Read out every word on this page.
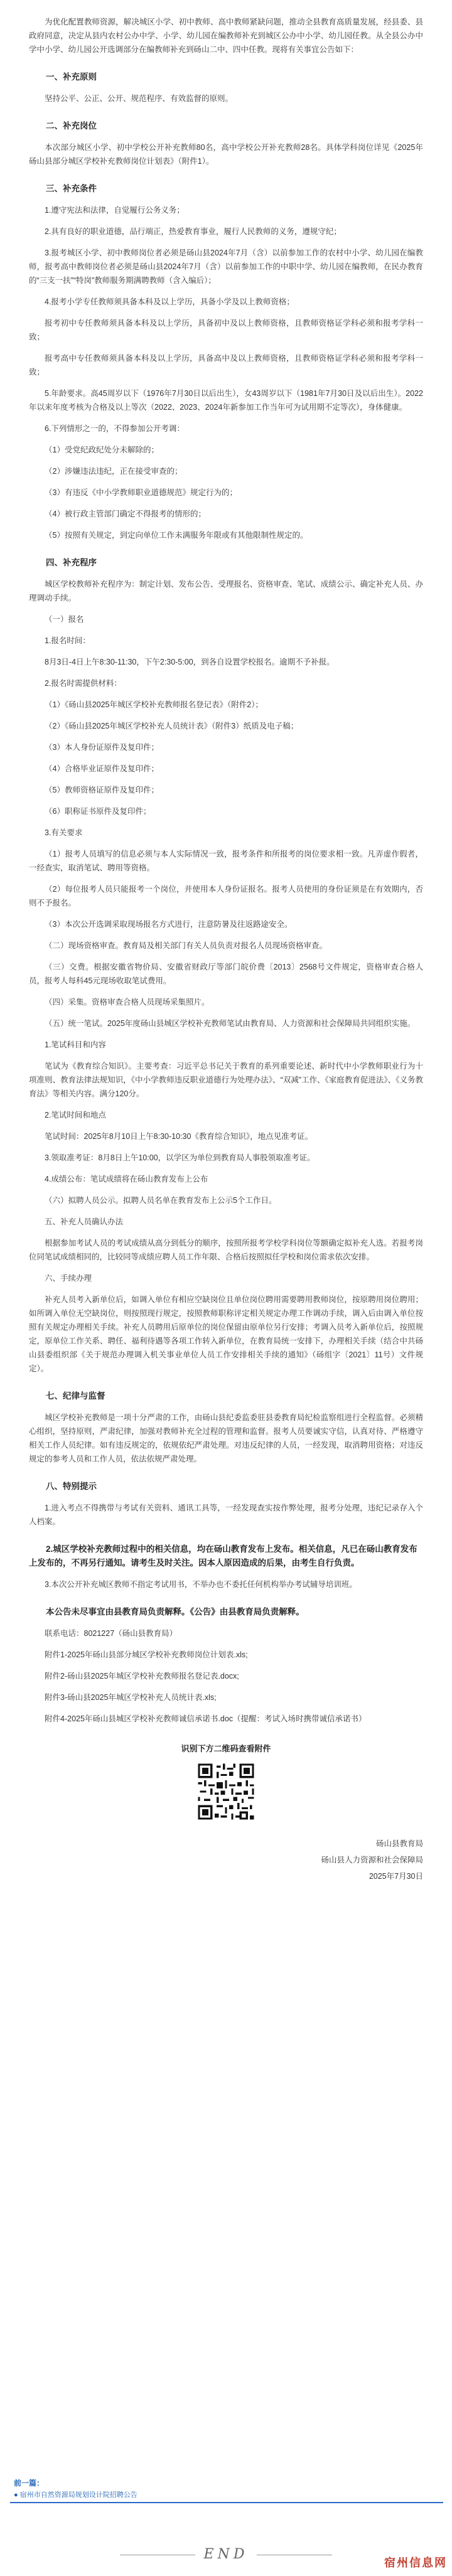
为优化配置教师资源，解决城区小学、初中教师、高中教师紧缺问题，推动全县教育高质量发展，经县委、县政府同意，决定从县内农村公办中学、小学、幼儿园在编教师补充到城区公办中小学、幼儿园任教。从全县公办中学中小学、幼儿园公开选调部分在编教师补充到砀山二中、四中任教。现将有关事宜公告如下：

一、补充原则

坚持公平、公正、公开、规范程序、有效监督的原则。

二、补充岗位

本次部分城区小学、初中学校公开补充教师80名，高中学校公开补充教师28名。具体学科岗位详见《2025年砀山县部分城区学校补充教师岗位计划表》（附件1）。

三、补充条件

1.遵守宪法和法律，自觉履行公务义务；

2.具有良好的职业道德，品行端正，热爱教育事业，履行人民教师的义务，遵规守纪；

3.报考城区小学、初中教师岗位者必须是砀山县2024年7月（含）以前参加工作的农村中小学、幼儿园在编教师，报考高中教师岗位者必须是砀山县2024年7月（含）以前参加工作的中职中学、幼儿园在编教师，在民办教育的“三支一扶”“特岗”教师服务期满聘教师（含入编后）；

4.报考小学专任教师须具备本科及以上学历，具备小学及以上教师资格；

报考初中专任教师须具备本科及以上学历，具备初中及以上教师资格，且教师资格证学科必须和报考学科一致；

报考高中专任教师须具备本科及以上学历，具备高中及以上教师资格，且教师资格证学科必须和报考学科一致；

5.年龄要求。高45周岁以下（1976年7月30日以后出生），女43周岁以下（1981年7月30日及以后出生）。2022年以来年度考核为合格及以上等次（2022、2023、2024年新参加工作当年可为试用期不定等次），身体健康。

6.下列情形之一的，不得参加公开考调：

（1）受党纪政纪处分未解除的；

（2）涉嫌违法违纪，正在接受审查的；

（3）有违反《中小学教师职业道德规范》规定行为的；

（4）被行政主管部门确定不得报考的情形的；

（5）按照有关规定，到定向单位工作未满服务年限或有其他限制性规定的。

四、补充程序

城区学校教师补充程序为：制定计划、发布公告、受理报名、资格审查、笔试、成绩公示、确定补充人员、办理调动手续。

（一）报名

1.报名时间：

8月3日-4日上午8:30-11:30，下午2:30-5:00，到各自设置学校报名。逾期不予补报。

2.报名时需提供材料：

（1）《砀山县2025年城区学校补充教师报名登记表》（附件2）；

（2）《砀山县2025年城区学校补充人员统计表》（附件3）纸质及电子稿；

（3）本人身份证原件及复印件；

（4）合格毕业证原件及复印件；

（5）教师资格证原件及复印件；

（6）职称证书原件及复印件；

3.有关要求

（1）报考人员填写的信息必须与本人实际情况一致，报考条件和所报考的岗位要求相一致。凡弄虚作假者，一经查实，取消笔试、聘用等资格。

（2）每位报考人员只能报考一个岗位，并使用本人身份证报名。报考人员使用的身份证须是在有效期内，否则不予报名。

（3）本次公开选调采取现场报名方式进行，注意防暑及往返路途安全。

（二）现场资格审查。教育局及相关部门有关人员负责对报名人员现场资格审查。

（三）交费。根据安徽省物价局、安徽省财政厅等部门皖价费〔2013〕2568号文件规定，资格审查合格人员，报考人每科45元现场收取笔试费用。

（四）采集。资格审查合格人员现场采集照片。

（五）统一笔试。2025年度砀山县城区学校补充教师笔试由教育局、人力资源和社会保障局共同组织实施。

1.笔试科目和内容

笔试为《教育综合知识》。主要考查：习近平总书记关于教育的系列重要论述、新时代中小学教师职业行为十项准则、教育法律法规知识，《中小学教师违反职业道德行为处理办法》、“双减”工作、《家庭教育促进法》、《义务教育法》等相关内容。满分120分。

2.笔试时间和地点

笔试时间：2025年8月10日上午8:30-10:30《教育综合知识》，地点见准考证。

3.领取准考证：8月8日上午10:00，以学区为单位到教育局人事股领取准考证。

4.成绩公布：笔试成绩将在砀山教育发布上公布

（六）拟聘人员公示。拟聘人员名单在教育发布上公示5个工作日。

五、补充人员确认办法

根据参加考试人员的考试成绩从高分到低分的顺序，按照所报考学校学科岗位等额确定拟补充人选。若报考岗位同笔试成绩相同的，比较同等成绩应聘人员工作年限、合格后按照拟任学校和岗位需求依次安排。

六、手续办理

补充人员考入新单位后，如调入单位有相应空缺岗位且单位岗位聘用需要聘用教师岗位，按原聘用岗位聘用；如所调入单位无空缺岗位，则按照现行规定，按照教师职称评定相关规定办理工作调动手续，调入后由调入单位按照有关规定办理相关手续。补充人员聘用后原单位的岗位保留由原单位另行安排；考调入员考入新单位后，按照规定，原单位工作关系、聘任、福利待遇等各项工作转入新单位，在教育局统一安排下，办理相关手续（结合中共砀山县委组织部《关于规范办理调入机关事业单位人员工作安排相关手续的通知》（砀组字〔2021〕11号）文件规定）。

七、纪律与监督

城区学校补充教师是一项十分严肃的工作，由砀山县纪委监委驻县委教育局纪检监察组进行全程监督。必须精心组织，坚持原则，严肃纪律，加强对教师补充全过程的管理和监督。报考人员要诚实守信，认真对待、严格遵守相关工作人员纪律。如有违反规定的，依规依纪严肃处理。对违反纪律的人员，一经发现，取消聘用资格；对违反规定的参考人员和工作人员，依法依规严肃处理。

八、特别提示

1.进入考点不得携带与考试有关资料、通讯工具等，一经发现查实按作弊处理，报考分处理，违纪记录存入个人档案。

2.城区学校补充教师过程中的相关信息，均在砀山教育发布上发布。相关信息，凡已在砀山教育发布上发布的，不再另行通知。请考生及时关注。因本人原因造成的后果，由考生自行负责。

3.本次公开补充城区教师不指定考试用书，不举办也不委托任何机构举办考试辅导培训班。

本公告未尽事宜由县教育局负责解释。《公告》由县教育局负责解释。

联系电话：8021227（砀山县教育局）

附件1-2025年砀山县部分城区学校补充教师岗位计划表.xls;

附件2-砀山县2025年城区学校补充教师报名登记表.docx;

附件3-砀山县2025年城区学校补充人员统计表.xls;

附件4-2025年砀山县城区学校补充教师诚信承诺书.doc（提醒：考试入场时携带诚信承诺书）

识别下方二维码查看附件

砀山县教育局

砀山县人力资源和社会保障局

2025年7月30日

前一篇：
● 宿州市自然资源局规划设计院招聘公告
END
宿州信息网
